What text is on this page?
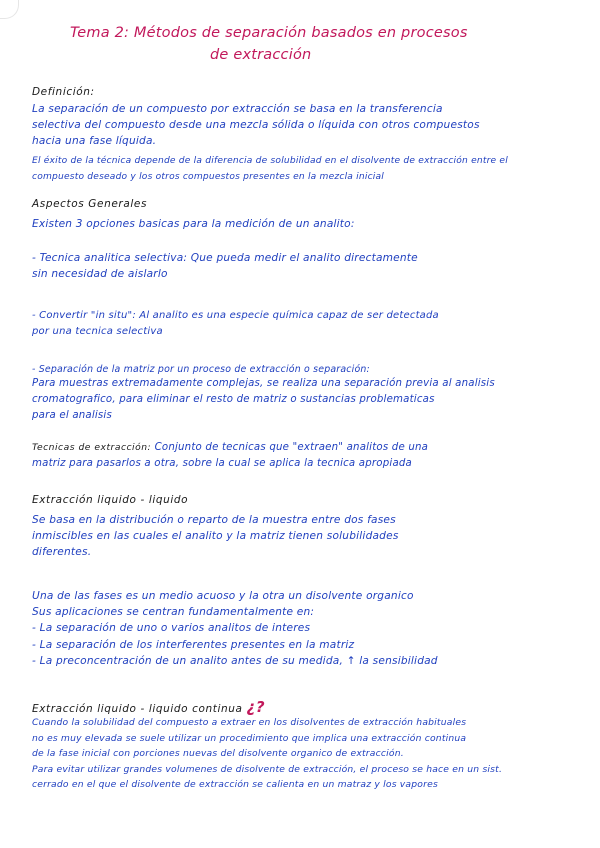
Tema 2: Métodos de separación basados en procesos
de extracción
Definición:
La separación de un compuesto por extracción se basa en la transferencia
selectiva del compuesto desde una mezcla sólida o líquida con otros compuestos
hacia una fase líquida.
El éxito de la técnica depende de la diferencia de solubilidad en el disolvente de extracción entre el
compuesto deseado y los otros compuestos presentes en la mezcla inicial
Aspectos Generales
Existen 3 opciones basicas para la medición de un analito:
- Tecnica analitica selectiva: Que pueda medir el analito directamente
sin necesidad de aislarlo
- Convertir "in situ": Al analito es una especie química capaz de ser detectada
por una tecnica selectiva
- Separación de la matriz por un proceso de extracción o separación:
Para muestras extremadamente complejas, se realiza una separación previa al analisis
cromatografico, para eliminar el resto de matriz o sustancias problematicas
para el analisis
Tecnicas de extracción: Conjunto de tecnicas que "extraen" analitos de una
matriz para pasarlos a otra, sobre la cual se aplica la tecnica apropiada
Extracción liquido - liquido
Se basa en la distribución o reparto de la muestra entre dos fases
inmiscibles en las cuales el analito y la matriz tienen solubilidades
diferentes.
Una de las fases es un medio acuoso y la otra un disolvente organico
Sus aplicaciones se centran fundamentalmente en:
- La separación de uno o varios analitos de interes
- La separación de los interferentes presentes en la matriz
- La preconcentración de un analito antes de su medida, ↑ la sensibilidad
Extracción liquido - liquido continua ¿?
Cuando la solubilidad del compuesto a extraer en los disolventes de extracción habituales
no es muy elevada se suele utilizar un procedimiento que implica una extracción continua
de la fase inicial con porciones nuevas del disolvente organico de extracción.
Para evitar utilizar grandes volumenes de disolvente de extracción, el proceso se hace en un sist.
cerrado en el que el disolvente de extracción se calienta en un matraz y los vapores
